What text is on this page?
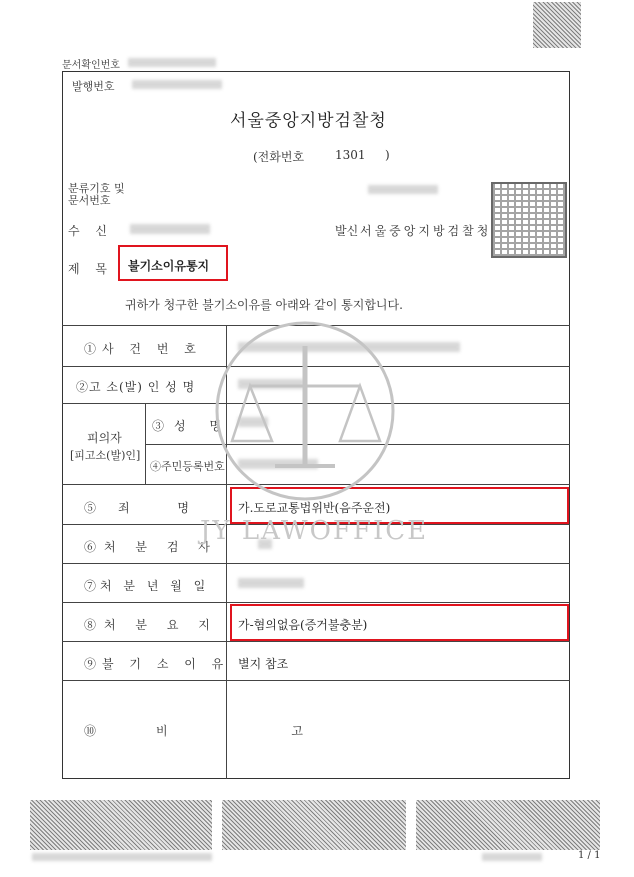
문서확인번호
발행번호
서울중앙지방검찰청
(전화번호	1301 )
분류기호 및
문서번호
수 신	발신 서울중앙지방검찰청
제 목 불기소이유통지
귀하가 청구한 불기소이유를 아래와 같이 통지합니다.
①사 건 번 호
②고 소(발) 인 성 명
피의자
[피고소(발)인]
③성 명
④주민등록번호
⑤죄 명 가.도로교통법위반(음주운전)
⑥처 분 검 사
⑦처 분 년 월 일
⑧처 분 요 지 가-혐의없음(증거불충분)
⑨불 기 소 이 유 별지 참조
⑩비 고
JY LAWOFFICE
1 / 1
